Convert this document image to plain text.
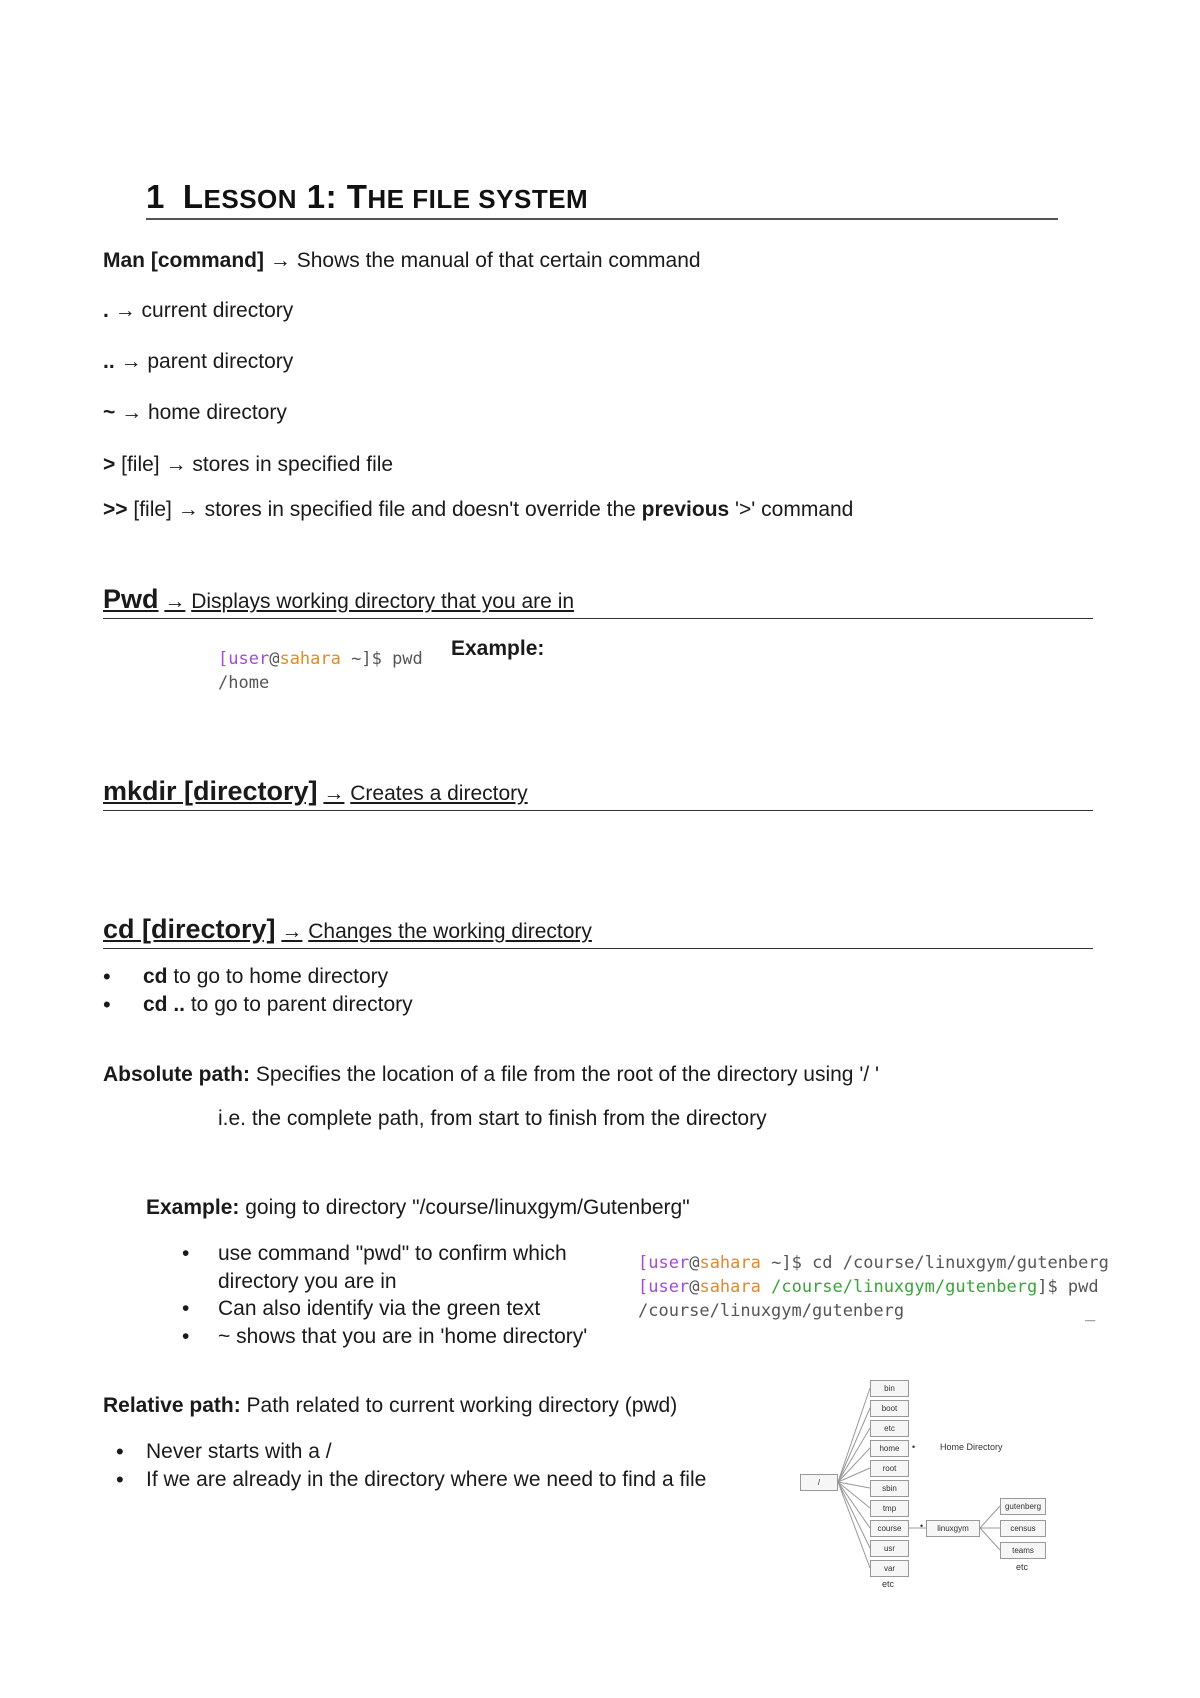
1 LESSON 1: THE FILE SYSTEM
Man [command] → Shows the manual of that certain command
. → current directory
.. → parent directory
~ → home directory
> [file] → stores in specified file
>> [file] → stores in specified file and doesn't override the previous '>' command
Pwd → Displays working directory that you are in
[user@sahara ~]$ pwd
/home
Example:
mkdir [directory] → Creates a directory
cd [directory] → Changes the working directory
• cd to go to home directory
• cd .. to go to parent directory
Absolute path: Specifies the location of a file from the root of the directory using '/ '
i.e. the complete path, from start to finish from the directory
Example: going to directory "/course/linuxgym/Gutenberg"
• use command "pwd" to confirm which
directory you are in
• Can also identify via the green text
• ~ shows that you are in 'home directory'
[user@sahara ~]$ cd /course/linuxgym/gutenberg
[user@sahara /course/linuxgym/gutenberg]$ pwd
/course/linuxgym/gutenberg	_
Relative path: Path related to current working directory (pwd)
• Never starts with a /
• If we are already in the directory where we need to find a file	/
bin
boot
etc
home
root
sbin
tmp
course
usr
var
etc
•	Home Directory
•	linuxgym
gutenberg
census
teams
etc
